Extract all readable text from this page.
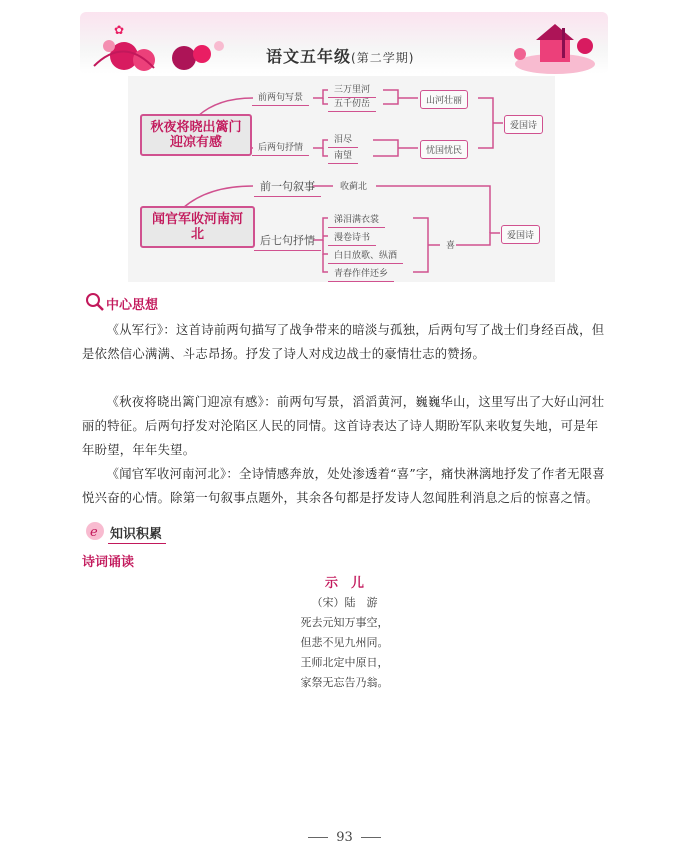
✿
语文五年级(第二学期)
秋夜将晓出篱门迎凉有感
前两句写景
后两句抒情
三万里河
五千仞岳
泪尽
南望
山河壮丽
忧国忧民
爱国诗
闻官军收河南河北
前一句叙事
后七句抒情
收蓟北
涕泪满衣裳
漫卷诗书
白日放歌、纵酒
青春作伴还乡
喜
爱国诗
中心思想
《从军行》：这首诗前两句描写了战争带来的暗淡与孤独，后两句写了战士们身经百战，但是依然信心满满、斗志昂扬。抒发了诗人对戍边战士的豪情壮志的赞扬。
《秋夜将晓出篱门迎凉有感》：前两句写景，滔滔黄河，巍巍华山，这里写出了大好山河壮丽的特征。后两句抒发对沦陷区人民的同情。这首诗表达了诗人期盼军队来收复失地，可是年年盼望，年年失望。
《闻官军收河南河北》：全诗情感奔放，处处渗透着“喜”字，痛快淋漓地抒发了作者无限喜悦兴奋的心情。除第一句叙事点题外，其余各句都是抒发诗人忽闻胜利消息之后的惊喜之情。
e 知识积累
诗词诵读
示　儿
（宋）陆　游
死去元知万事空，
但悲不见九州同。
王师北定中原日，
家祭无忘告乃翁。
93
